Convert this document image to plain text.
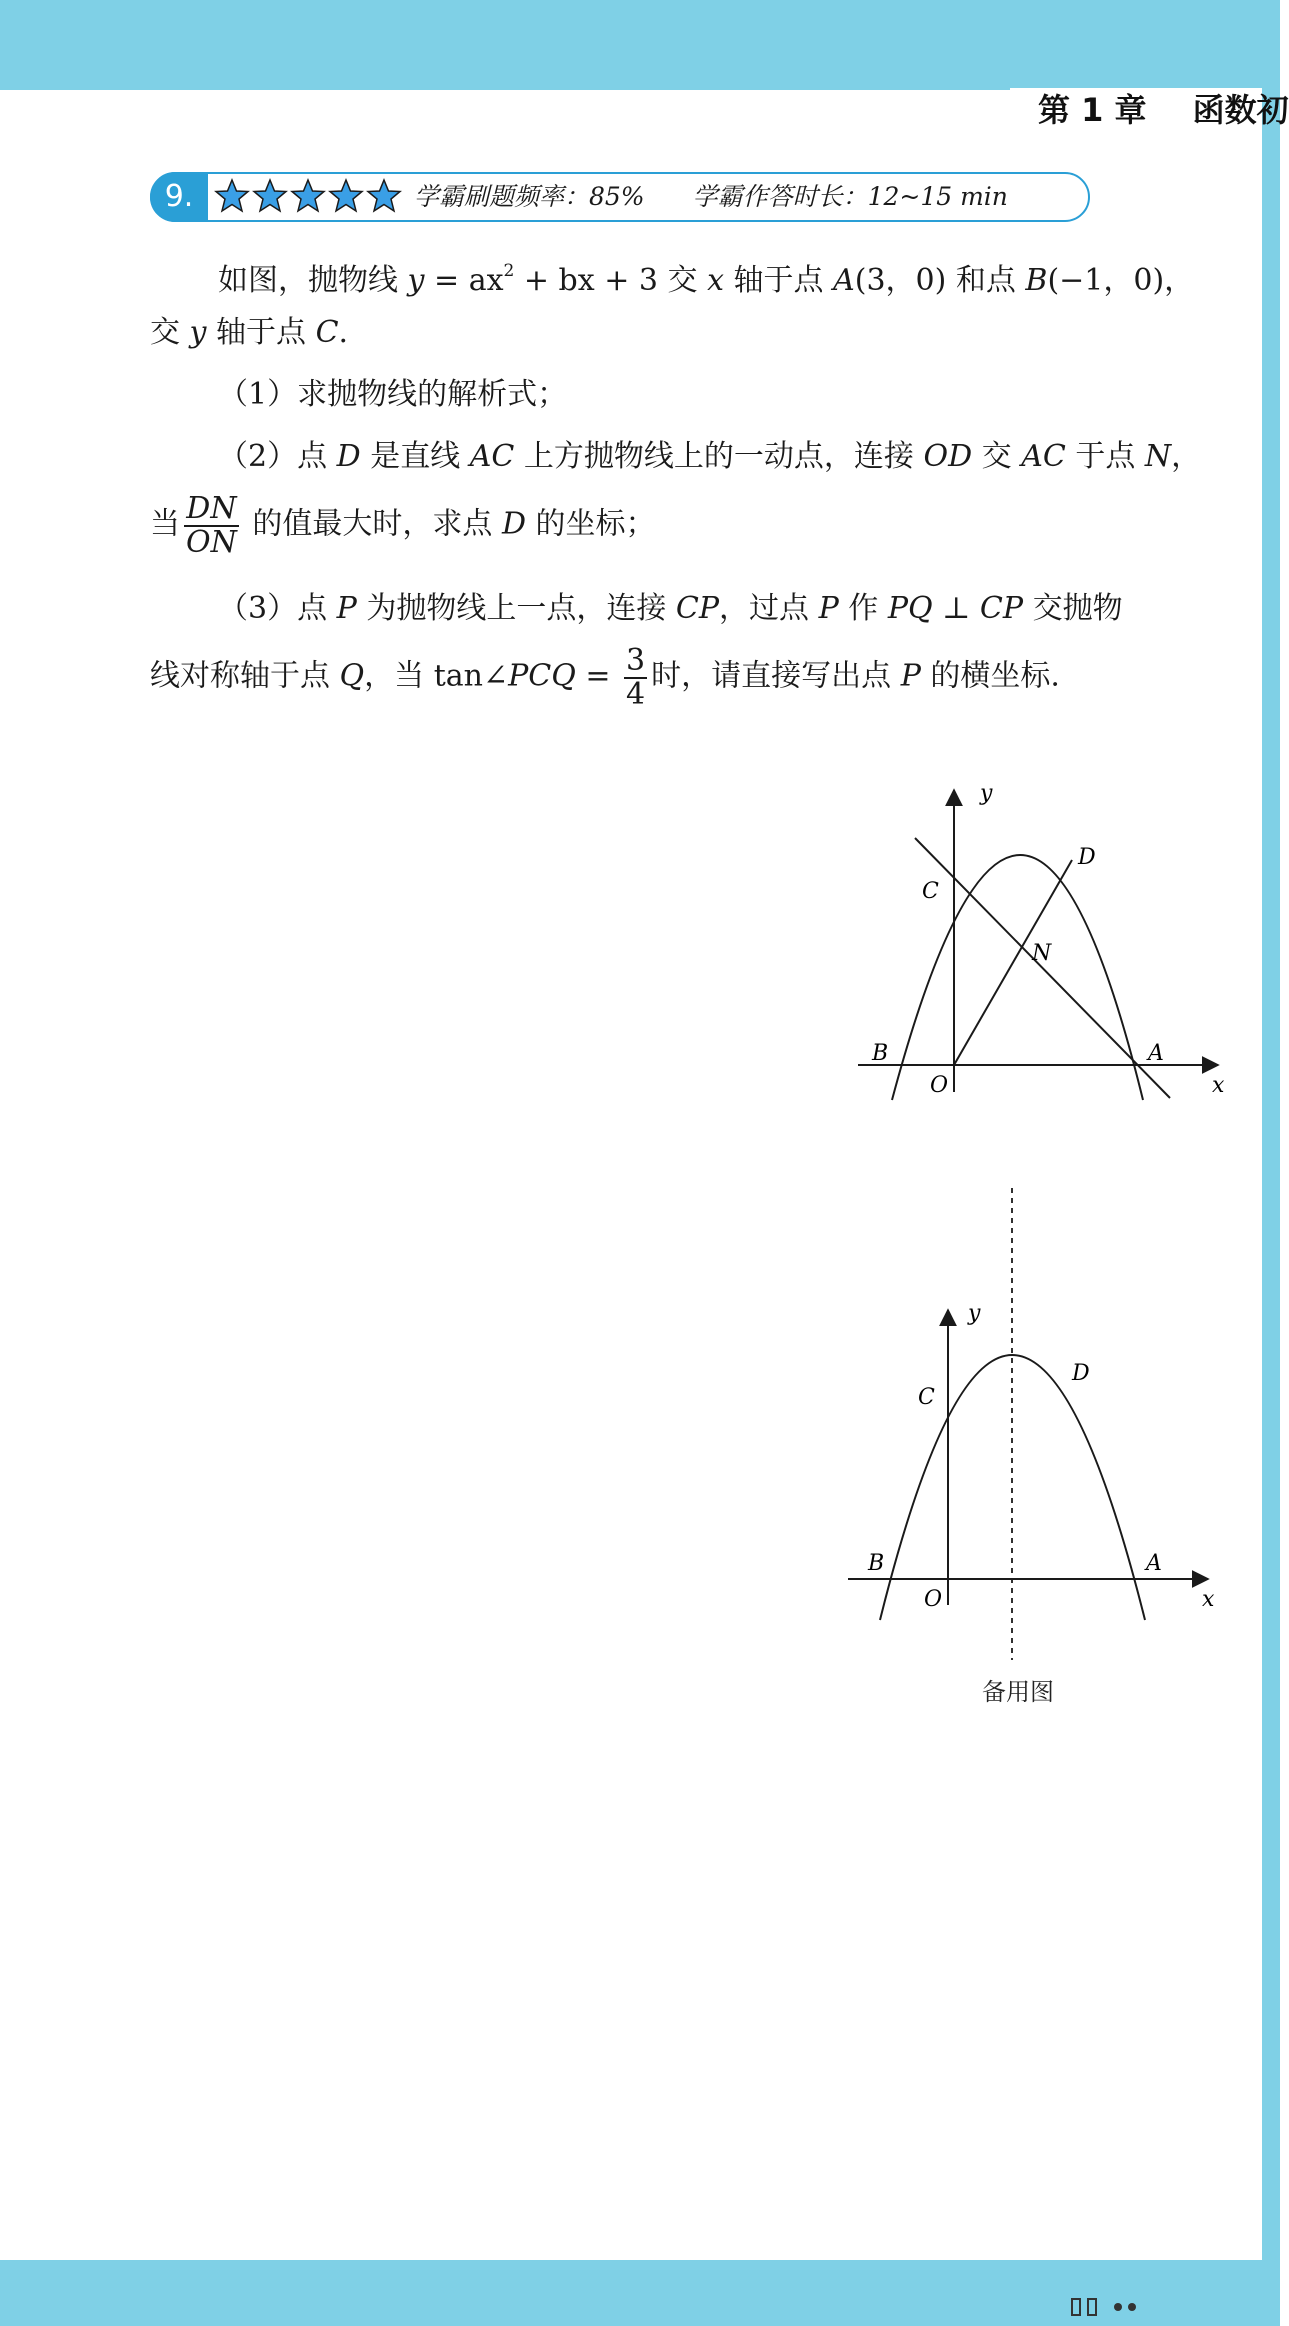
第 1 章 函数初
9.	学霸刷题频率：85% 学霸作答时长：12~15 min
如图，抛物线 $y = ax^2$ + bx + 3 交 x 轴于点 A(3，0) 和点 B(−1，0)，
交 y 轴于点 C.
（1）求抛物线的解析式；
（2）点 D 是直线 AC 上方抛物线上的一动点，连接 OD 交 AC 于点 N，
当 $\frac{DN}{ON}$ 的值最大时，求点 D 的坐标；
（3）点 P 为抛物线上一点，连接 CP，过点 P 作 PQ ⊥ CP 交抛物
线对称轴于点 Q，当 tan∠PCQ = $\frac{3}{4}$ 时，请直接写出点 P 的横坐标.
y
x
O
A
B
C
D
N
y
x
O
A
B
C
D
备用图
